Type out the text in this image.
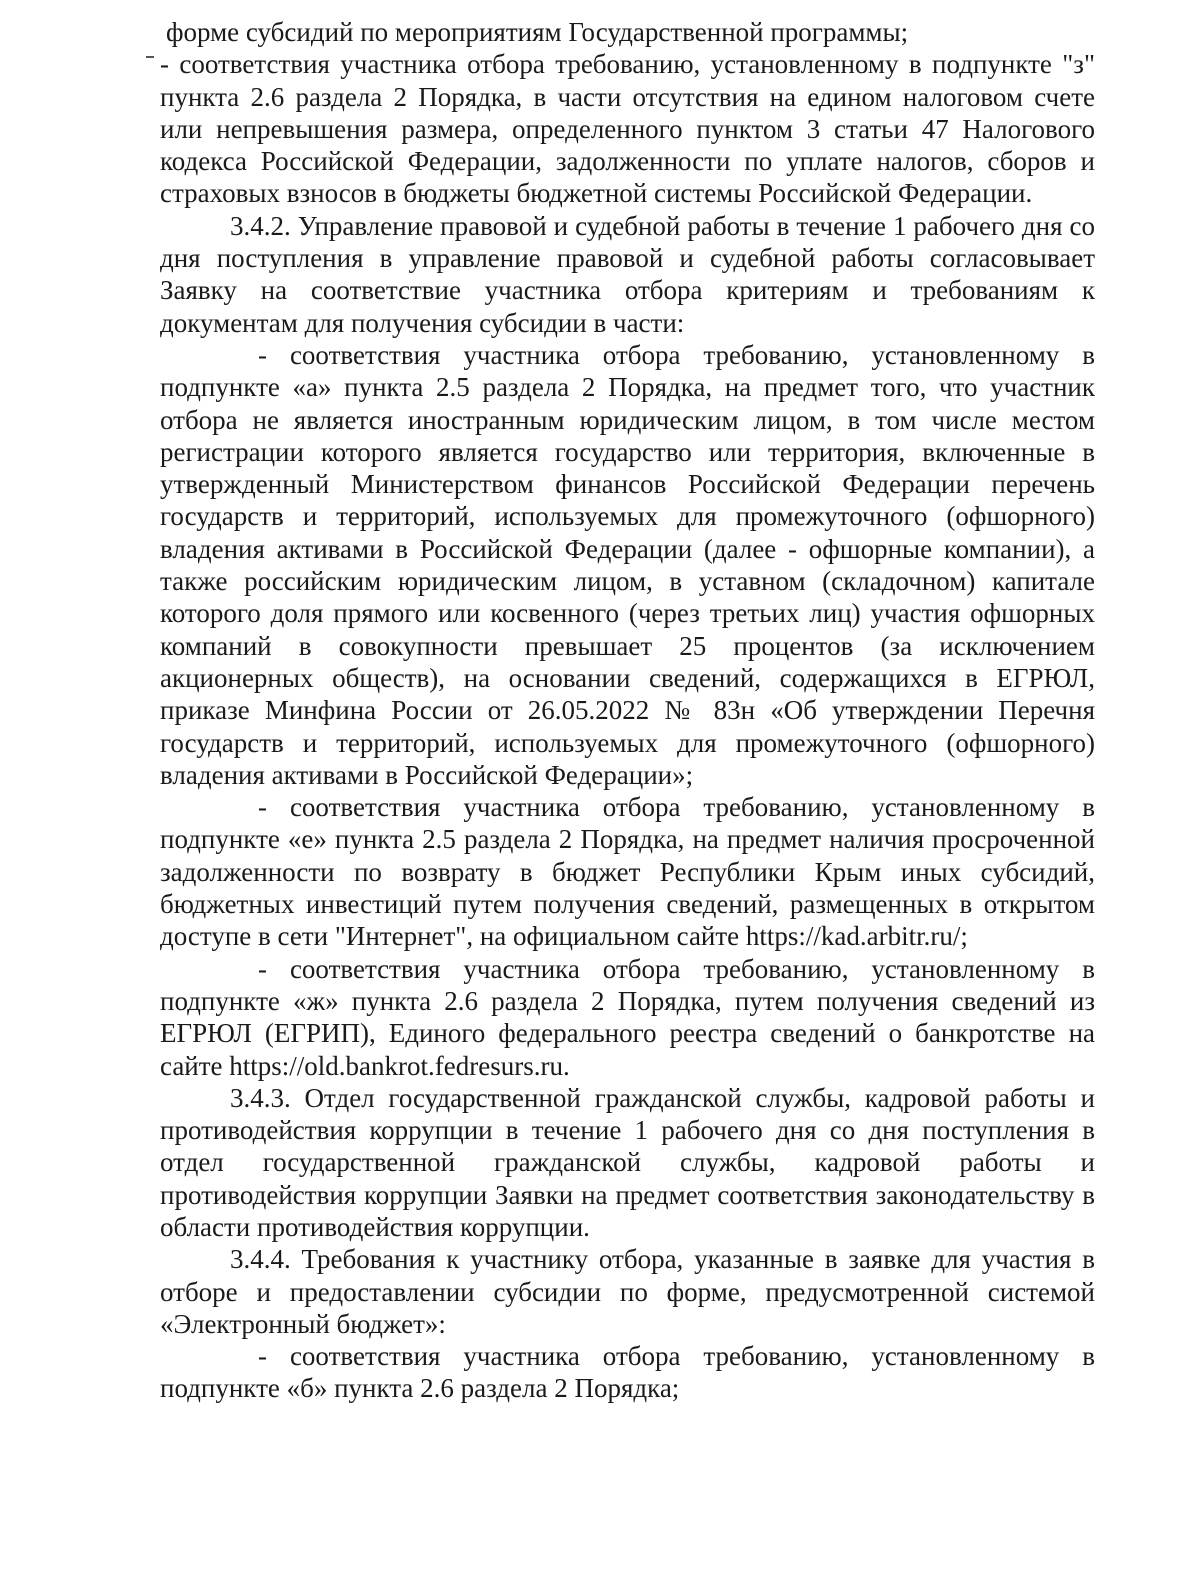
форме субсидий по мероприятиям Государственной программы;

- соответствия участника отбора требованию, установленному в подпункте "з" пункта 2.6 раздела 2 Порядка, в части отсутствия на едином налоговом счете или непревышения размера, определенного пунктом 3 статьи 47 Налогового кодекса Российской Федерации, задолженности по уплате налогов, сборов и страховых взносов в бюджеты бюджетной системы Российской Федерации.

3.4.2. Управление правовой и судебной работы в течение 1 рабочего дня со дня поступления в управление правовой и судебной работы согласовывает Заявку на соответствие участника отбора критериям и требованиям к документам для получения субсидии в части:

- соответствия участника отбора требованию, установленному в подпункте «а» пункта 2.5 раздела 2 Порядка, на предмет того, что участник отбора не является иностранным юридическим лицом, в том числе местом регистрации которого является государство или территория, включенные в утвержденный Министерством финансов Российской Федерации перечень государств и территорий, используемых для промежуточного (офшорного) владения активами в Российской Федерации (далее - офшорные компании), а также российским юридическим лицом, в уставном (складочном) капитале которого доля прямого или косвенного (через третьих лиц) участия офшорных компаний в совокупности превышает 25 процентов (за исключением акционерных обществ), на основании сведений, содержащихся в ЕГРЮЛ, приказе Минфина России от 26.05.2022 № 83н «Об утверждении Перечня государств и территорий, используемых для промежуточного (офшорного) владения активами в Российской Федерации»;

- соответствия участника отбора требованию, установленному в подпункте «е» пункта 2.5 раздела 2 Порядка, на предмет наличия просроченной задолженности по возврату в бюджет Республики Крым иных субсидий, бюджетных инвестиций путем получения сведений, размещенных в открытом доступе в сети "Интернет", на официальном сайте https://kad.arbitr.ru/;

- соответствия участника отбора требованию, установленному в подпункте «ж» пункта 2.6 раздела 2 Порядка, путем получения сведений из ЕГРЮЛ (ЕГРИП), Единого федерального реестра сведений о банкротстве на сайте https://old.bankrot.fedresurs.ru.

3.4.3. Отдел государственной гражданской службы, кадровой работы и противодействия коррупции в течение 1 рабочего дня со дня поступления в отдел государственной гражданской службы, кадровой работы и противодействия коррупции Заявки на предмет соответствия законодательству в области противодействия коррупции.

3.4.4. Требования к участнику отбора, указанные в заявке для участия в отборе и предоставлении субсидии по форме, предусмотренной системой «Электронный бюджет»:

- соответствия участника отбора требованию, установленному в подпункте «б» пункта 2.6 раздела 2 Порядка;
